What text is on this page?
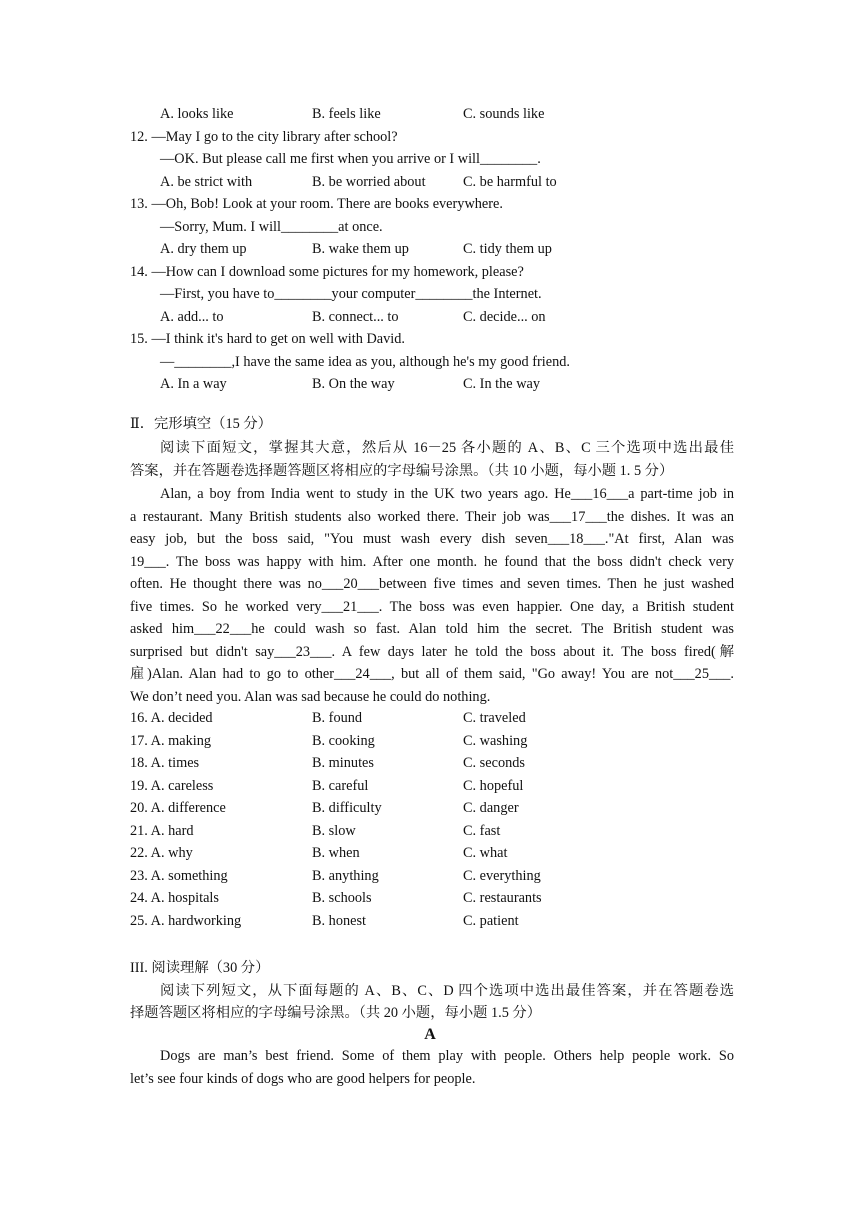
A. looks like	B. feels like	C. sounds like
12. —May I go to the city library after school?
—OK. But please call me first when you arrive or I will________.
A. be strict with	B. be worried about	C. be harmful to
13. —Oh, Bob! Look at your room. There are books everywhere.
—Sorry, Mum. I will________at once.
A. dry them up	B. wake them up	C. tidy them up
14. —How can I download some pictures for my homework, please?
—First, you have to________your computer________the Internet.
A. add... to	B. connect... to	C. decide... on
15. —I think it's hard to get on well with David.
—________,I have the same idea as you, although he's my good friend.
A. In a way	B. On the way	C. In the way
Ⅱ．完形填空（15 分）
阅读下面短文，掌握其大意，然后从 16－25 各小题的 A、B、C 三个选项中选出最佳
答案，并在答题卷选择题答题区将相应的字母编号涂黑。（共 10 小题，每小题 1. 5 分）
Alan, a boy from India went to study in the UK two years ago. He___16___a part-time job in
a restaurant. Many British students also worked there. Their job was___17___the dishes. It was an
easy job, but the boss said, "You must wash every dish seven___18___."At first, Alan was
19___. The boss was happy with him. After one month. he found that the boss didn't check very
often. He thought there was no___20___between five times and seven times. Then he just washed
five times. So he worked very___21___. The boss was even happier. One day, a British student
asked him___22___he could wash so fast. Alan told him the secret. The British student was
surprised but didn't say___23___. A few days later he told the boss about it. The boss fired(解
雇)Alan. Alan had to go to other___24___, but all of them said, "Go away! You are not___25___.
We don’t need you. Alan was sad because he could do nothing.
16. A. decided	B. found	C. traveled
17. A. making	B. cooking	C. washing
18. A. times	B. minutes	C. seconds
19. A. careless	B. careful	C. hopeful
20. A. difference	B. difficulty	C. danger
21. A. hard	B. slow	C. fast
22. A. why	B. when	C. what
23. A. something	B. anything	C. everything
24. A. hospitals	B. schools	C. restaurants
25. A. hardworking	B. honest	C. patient
III. 阅读理解（30 分）
阅读下列短文，从下面每题的 A、B、C、D 四个选项中选出最佳答案，并在答题卷选
择题答题区将相应的字母编号涂黑。（共 20 小题，每小题 1.5 分）
A
Dogs are man’s best friend. Some of them play with people. Others help people work. So
let’s see four kinds of dogs who are good helpers for people.
